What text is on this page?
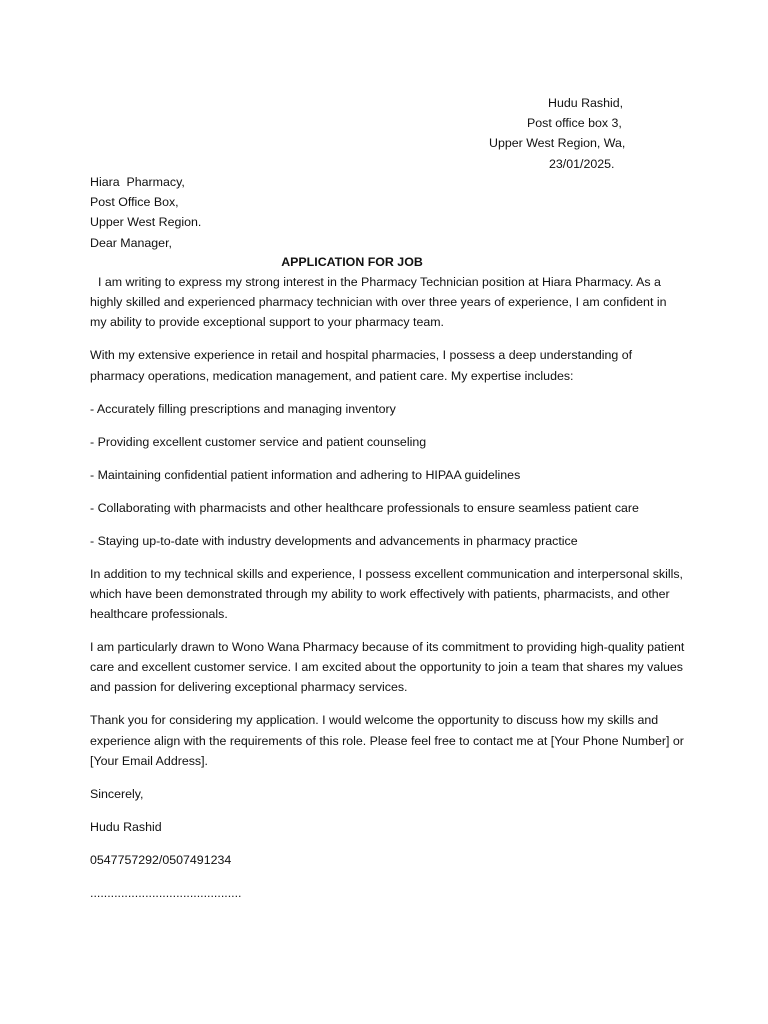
Hudu Rashid,
Post office box 3,
Upper West Region, Wa,
23/01/2025.
Hiara  Pharmacy,
Post Office Box,
Upper West Region.
Dear Manager,
APPLICATION FOR JOB

I am writing to express my strong interest in the Pharmacy Technician position at Hiara Pharmacy. As a highly skilled and experienced pharmacy technician with over three years of experience, I am confident in my ability to provide exceptional support to your pharmacy team.

With my extensive experience in retail and hospital pharmacies, I possess a deep understanding of pharmacy operations, medication management, and patient care. My expertise includes:

- Accurately filling prescriptions and managing inventory

- Providing excellent customer service and patient counseling

- Maintaining confidential patient information and adhering to HIPAA guidelines

- Collaborating with pharmacists and other healthcare professionals to ensure seamless patient care

- Staying up-to-date with industry developments and advancements in pharmacy practice

In addition to my technical skills and experience, I possess excellent communication and interpersonal skills, which have been demonstrated through my ability to work effectively with patients, pharmacists, and other healthcare professionals.

I am particularly drawn to Wono Wana Pharmacy because of its commitment to providing high-quality patient care and excellent customer service. I am excited about the opportunity to join a team that shares my values and passion for delivering exceptional pharmacy services.

Thank you for considering my application. I would welcome the opportunity to discuss how my skills and experience align with the requirements of this role. Please feel free to contact me at [Your Phone Number] or [Your Email Address].

Sincerely,

Hudu Rashid

0547757292/0507491234

............................................
